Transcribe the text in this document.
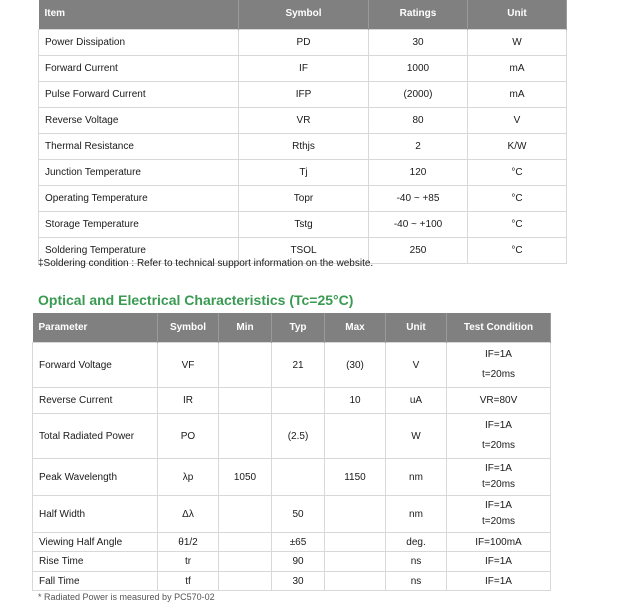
Item	Symbol	Ratings	Unit
Power Dissipation	PD	30	W
Forward Current	IF	1000	mA
Pulse Forward Current	IFP	(2000)	mA
Reverse Voltage	VR	80	V
Thermal Resistance	Rthjs	2	K/W
Junction Temperature	Tj	120	°C
Operating Temperature	Topr	-40 ~ +85	°C
Storage Temperature	Tstg	-40 ~ +100	°C
Soldering Temperature	TSOL	250	°C
‡Soldering condition : Refer to technical support information on the website.
Optical and Electrical Characteristics (Tc=25°C)
Parameter	Symbol	Min	Typ	Max	Unit	Test Condition
Forward Voltage	VF		21	(30)	V	IF=1A
t=20ms

Reverse Current	IR			10	uA	VR=80V

Total Radiated Power	PO		(2.5)		W	IF=1A
t=20ms

Peak Wavelength	λp	1050		1150	nm	IF=1A
t=20ms

Half Width	Δλ		50		nm	IF=1A
t=20ms

Viewing Half Angle	θ1/2		±65		deg.	IF=100mA

Rise Time	tr		90		ns	IF=1A

Fall Time	tf		30		ns	IF=1A
* Radiated Power is measured by PC570-02
